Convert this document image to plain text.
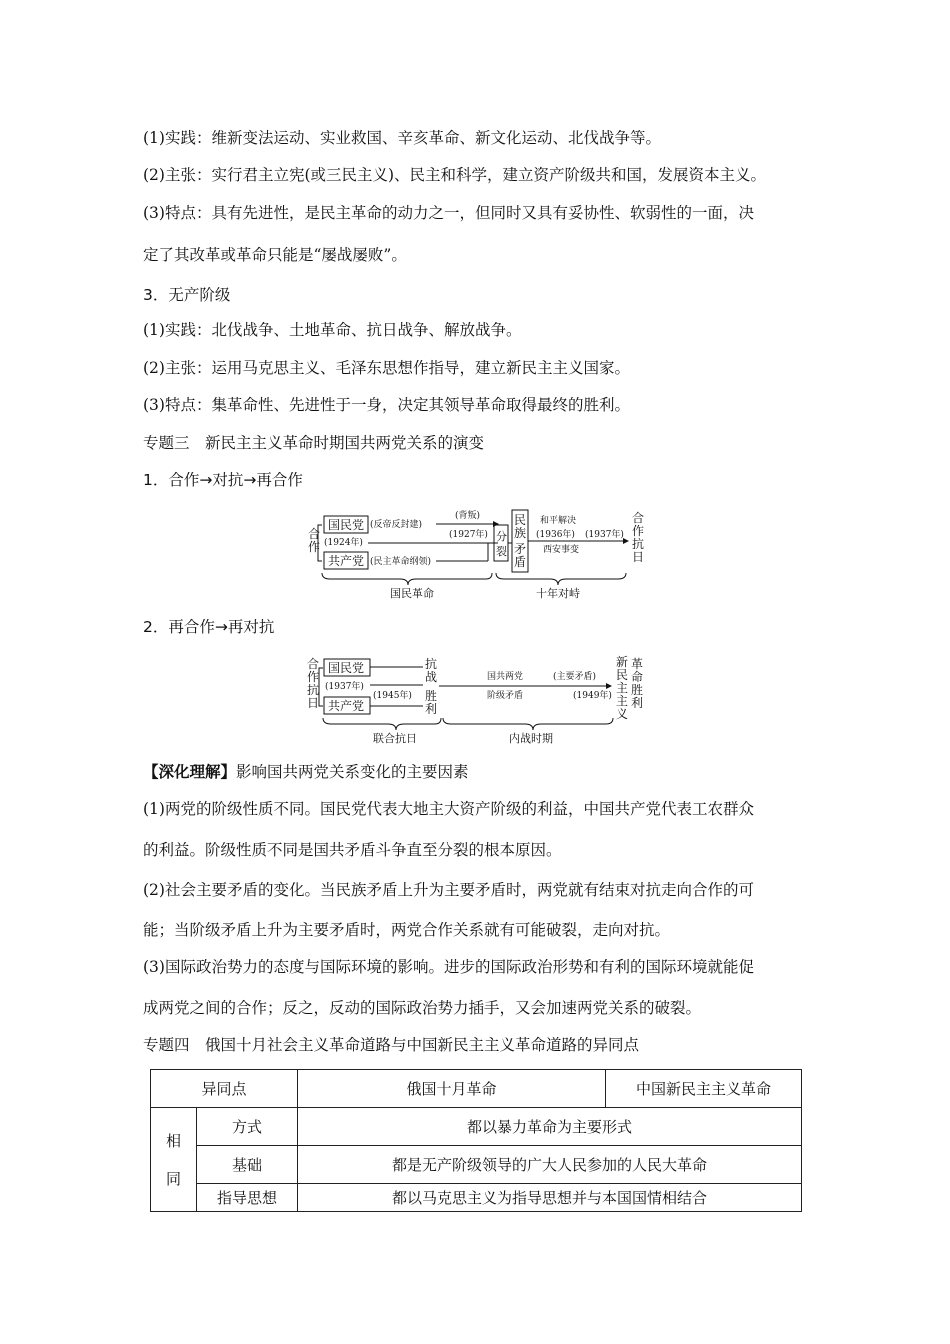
(1)实践：维新变法运动、实业救国、辛亥革命、新文化运动、北伐战争等。
(2)主张：实行君主立宪(或三民主义)、民主和科学，建立资产阶级共和国，发展资本主义。
(3)特点：具有先进性，是民主革命的动力之一，但同时又具有妥协性、软弱性的一面，决
定了其改革或革命只能是“屡战屡败”。
3．无产阶级
(1)实践：北伐战争、土地革命、抗日战争、解放战争。
(2)主张：运用马克思主义、毛泽东思想作指导，建立新民主主义国家。
(3)特点：集革命性、先进性于一身，决定其领导革命取得最终的胜利。
专题三　新民主主义革命时期国共两党关系的演变
1．合作→对抗→再合作
合
作
国民党
(1924年)
共产党
(反帝反封建)
(民主革命纲领)
(背叛)
(1927年) 分
裂
民
族
矛
盾
和平解决
(1936年) (1937年)
西安事变
合
作
抗
日
国民革命	十年对峙
2．再合作→再对抗
合
作
抗
日
国民党
(1937年)
共产党
(1945年)
抗
战
胜
利
国共两党	(主要矛盾)
阶级矛盾	(1949年)
新
民
主
主
义
革
命
胜
利
联合抗日	内战时期
【深化理解】影响国共两党关系变化的主要因素
(1)两党的阶级性质不同。国民党代表大地主大资产阶级的利益，中国共产党代表工农群众
的利益。阶级性质不同是国共矛盾斗争直至分裂的根本原因。
(2)社会主要矛盾的变化。当民族矛盾上升为主要矛盾时，两党就有结束对抗走向合作的可
能；当阶级矛盾上升为主要矛盾时，两党合作关系就有可能破裂，走向对抗。
(3)国际政治势力的态度与国际环境的影响。进步的国际政治形势和有利的国际环境就能促
成两党之间的合作；反之，反动的国际政治势力插手，又会加速两党关系的破裂。
专题四　俄国十月社会主义革命道路与中国新民主主义革命道路的异同点
异同点		俄国十月革命	中国新民主主义革命

相
同	方式	都以暴力革命为主要形式	
	基础	都是无产阶级领导的广大人民参加的人民大革命	
	指导思想	都以马克思主义为指导思想并与本国国情相结合	
